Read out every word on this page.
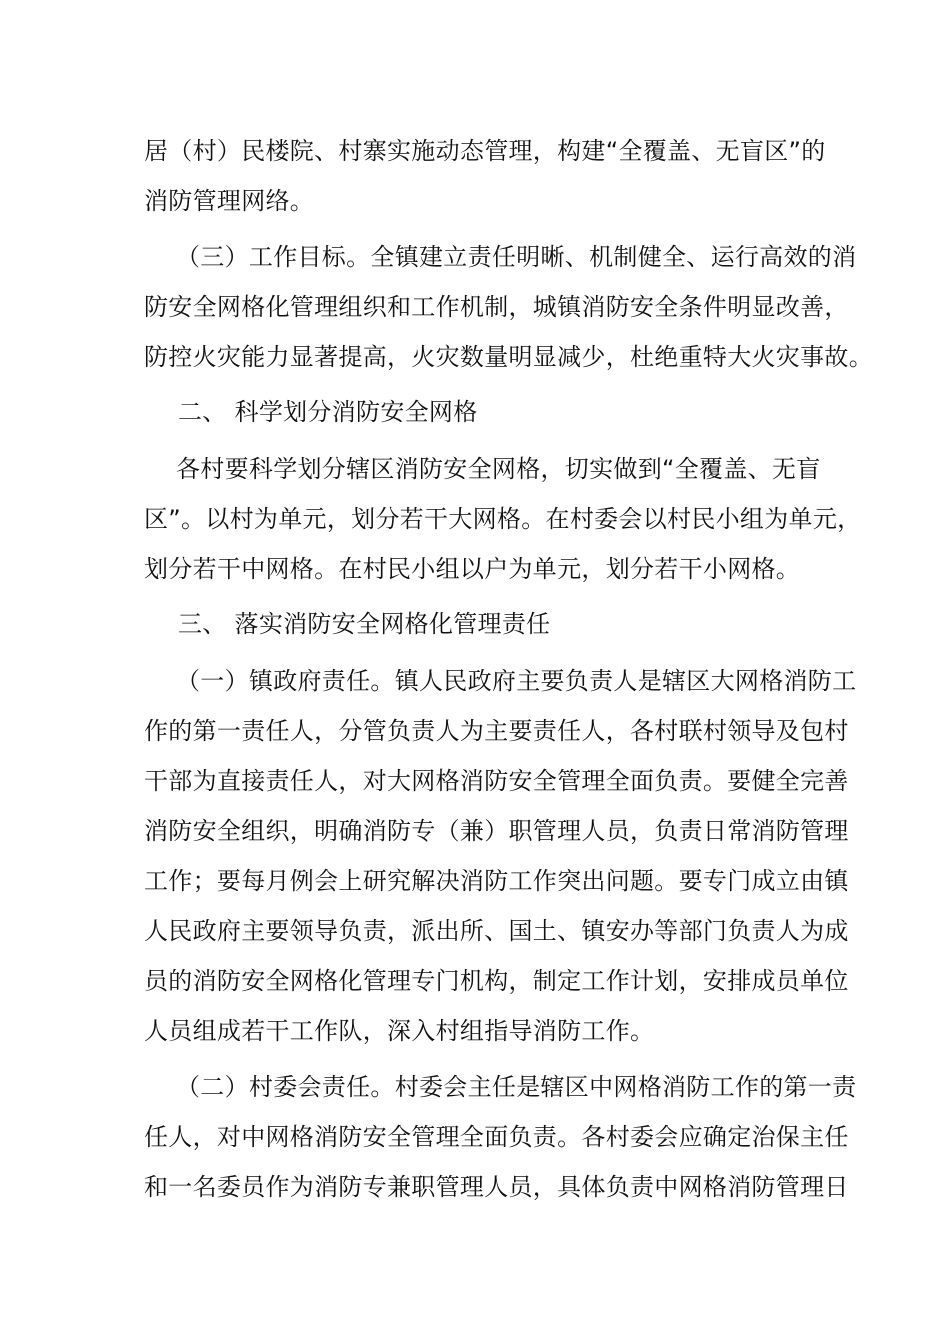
居（村）民楼院、村寨实施动态管理，构建“全覆盖、无盲区”的
消防管理网络。
（三）工作目标。全镇建立责任明晰、机制健全、运行高效的消
防安全网格化管理组织和工作机制，城镇消防安全条件明显改善，
防控火灾能力显著提高，火灾数量明显减少，杜绝重特大火灾事故。
二、 科学划分消防安全网格
各村要科学划分辖区消防安全网格，切实做到“全覆盖、无盲
区”。以村为单元，划分若干大网格。在村委会以村民小组为单元，
划分若干中网格。在村民小组以户为单元，划分若干小网格。
三、 落实消防安全网格化管理责任
（一）镇政府责任。镇人民政府主要负责人是辖区大网格消防工
作的第一责任人，分管负责人为主要责任人，各村联村领导及包村
干部为直接责任人，对大网格消防安全管理全面负责。要健全完善
消防安全组织，明确消防专（兼）职管理人员，负责日常消防管理
工作；要每月例会上研究解决消防工作突出问题。要专门成立由镇
人民政府主要领导负责，派出所、国土、镇安办等部门负责人为成
员的消防安全网格化管理专门机构，制定工作计划，安排成员单位
人员组成若干工作队，深入村组指导消防工作。
（二）村委会责任。村委会主任是辖区中网格消防工作的第一责
任人，对中网格消防安全管理全面负责。各村委会应确定治保主任
和一名委员作为消防专兼职管理人员，具体负责中网格消防管理日
